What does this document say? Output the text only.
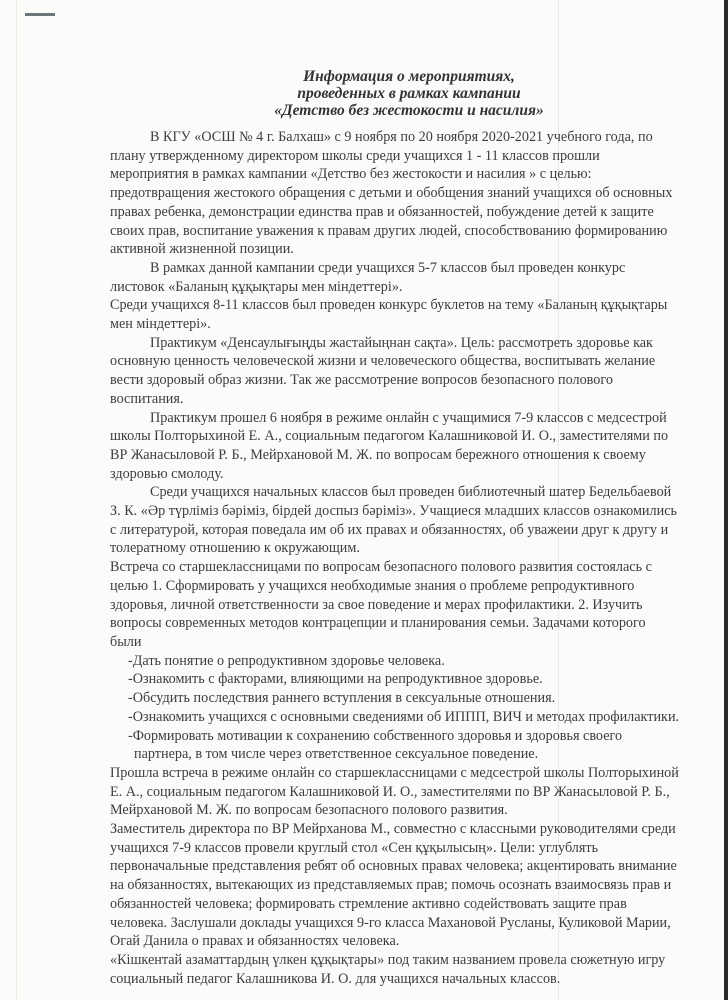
Информация о мероприятиях,
проведенных в рамках кампании
«Детство без жестокости и насилия»

В КГУ «ОСШ № 4 г. Балхаш» с 9 ноября по 20 ноября 2020-2021 учебного года, по плану утвержденному директором школы среди учащихся 1 - 11 классов прошли мероприятия в рамках кампании «Детство без жестокости и насилия » с целью: предотвращения жестокого обращения с детьми и обобщения знаний учащихся об основных правах ребенка, демонстрации единства прав и обязанностей, побуждение детей к защите своих прав, воспитание уважения к правам других людей, способствованию формированию активной жизненной позиции.

В рамках данной кампании среди учащихся 5-7 классов был проведен конкурс листовок «Баланың құқықтары мен міндеттері».

Среди учащихся 8-11 классов был проведен конкурс буклетов на тему «Баланың құқықтары мен міндеттері».

Практикум «Денсаулығыңды жастайыңнан сақта». Цель: рассмотреть здоровье как основную ценность человеческой жизни и человеческого общества, воспитывать желание вести здоровый образ жизни. Так же рассмотрение вопросов безопасного полового воспитания.

Практикум прошел 6 ноября в режиме онлайн с учащимися 7-9 классов с медсестрой школы Полторыхиной Е. А., социальным педагогом Калашниковой И. О., заместителями по ВР Жанасыловой Р. Б., Мейрхановой М. Ж. по вопросам бережного отношения к своему здоровью смолоду.

Среди учащихся начальных классов был проведен библиотечный шатер Бедельбаевой З. К. «Әр түрлiмiз бәрiмiз, бiрдей доспыз бәрiмiз». Учащиеся младших классов ознакомились с литературой, которая поведала им об их правах и обязанностях, об уважеии друг к другу и толератному отношению к окружающим.

Встреча со старшеклассницами по вопросам безопасного полового развития состоялась с целью 1. Сформировать у учащихся необходимые знания о проблеме репродуктивного здоровья, личной ответственности за свое поведение и мерах профилактики. 2. Изучить вопросы современных методов контрацепции и планирования семьи. Задачами которого были

-Дать понятие о репродуктивном здоровье человека.
-Ознакомить с факторами, влияющими на репродуктивное здоровье.
-Обсудить последствия раннего вступления в сексуальные отношения.
-Ознакомить учащихся с основными сведениями об ИППП, ВИЧ и методах профилактики.
-Формировать мотивации к сохранению собственного здоровья и здоровья своего партнера, в том числе через ответственное сексуальное поведение.

Прошла встреча в режиме онлайн со старшеклассницами с медсестрой школы Полторыхиной Е. А., социальным педагогом Калашниковой И. О., заместителями по ВР Жанасыловой Р. Б., Мейрхановой М. Ж. по вопросам безопасного полового развития.

Заместитель директора по ВР Мейрханова М., совместно с классными руководителями среди учащихся 7-9 классов провели круглый стол «Сен құқылысың». Цели: углублять первоначальные представления ребят об основных правах человека; акцентировать внимание на обязанностях, вытекающих из представляемых прав; помочь осознать взаимосвязь прав и обязанностей человека; формировать стремление активно содействовать защите прав человека. Заслушали доклады учащихся 9-го класса Махановой Русланы, Куликовой Марии, Огай Данила о правах и обязанностях человека.

«Кiшкентай азаматтардың үлкен құқықтары» под таким названием провела сюжетную игру социальный педагог Калашникова И. О. для учащихся начальных классов.
